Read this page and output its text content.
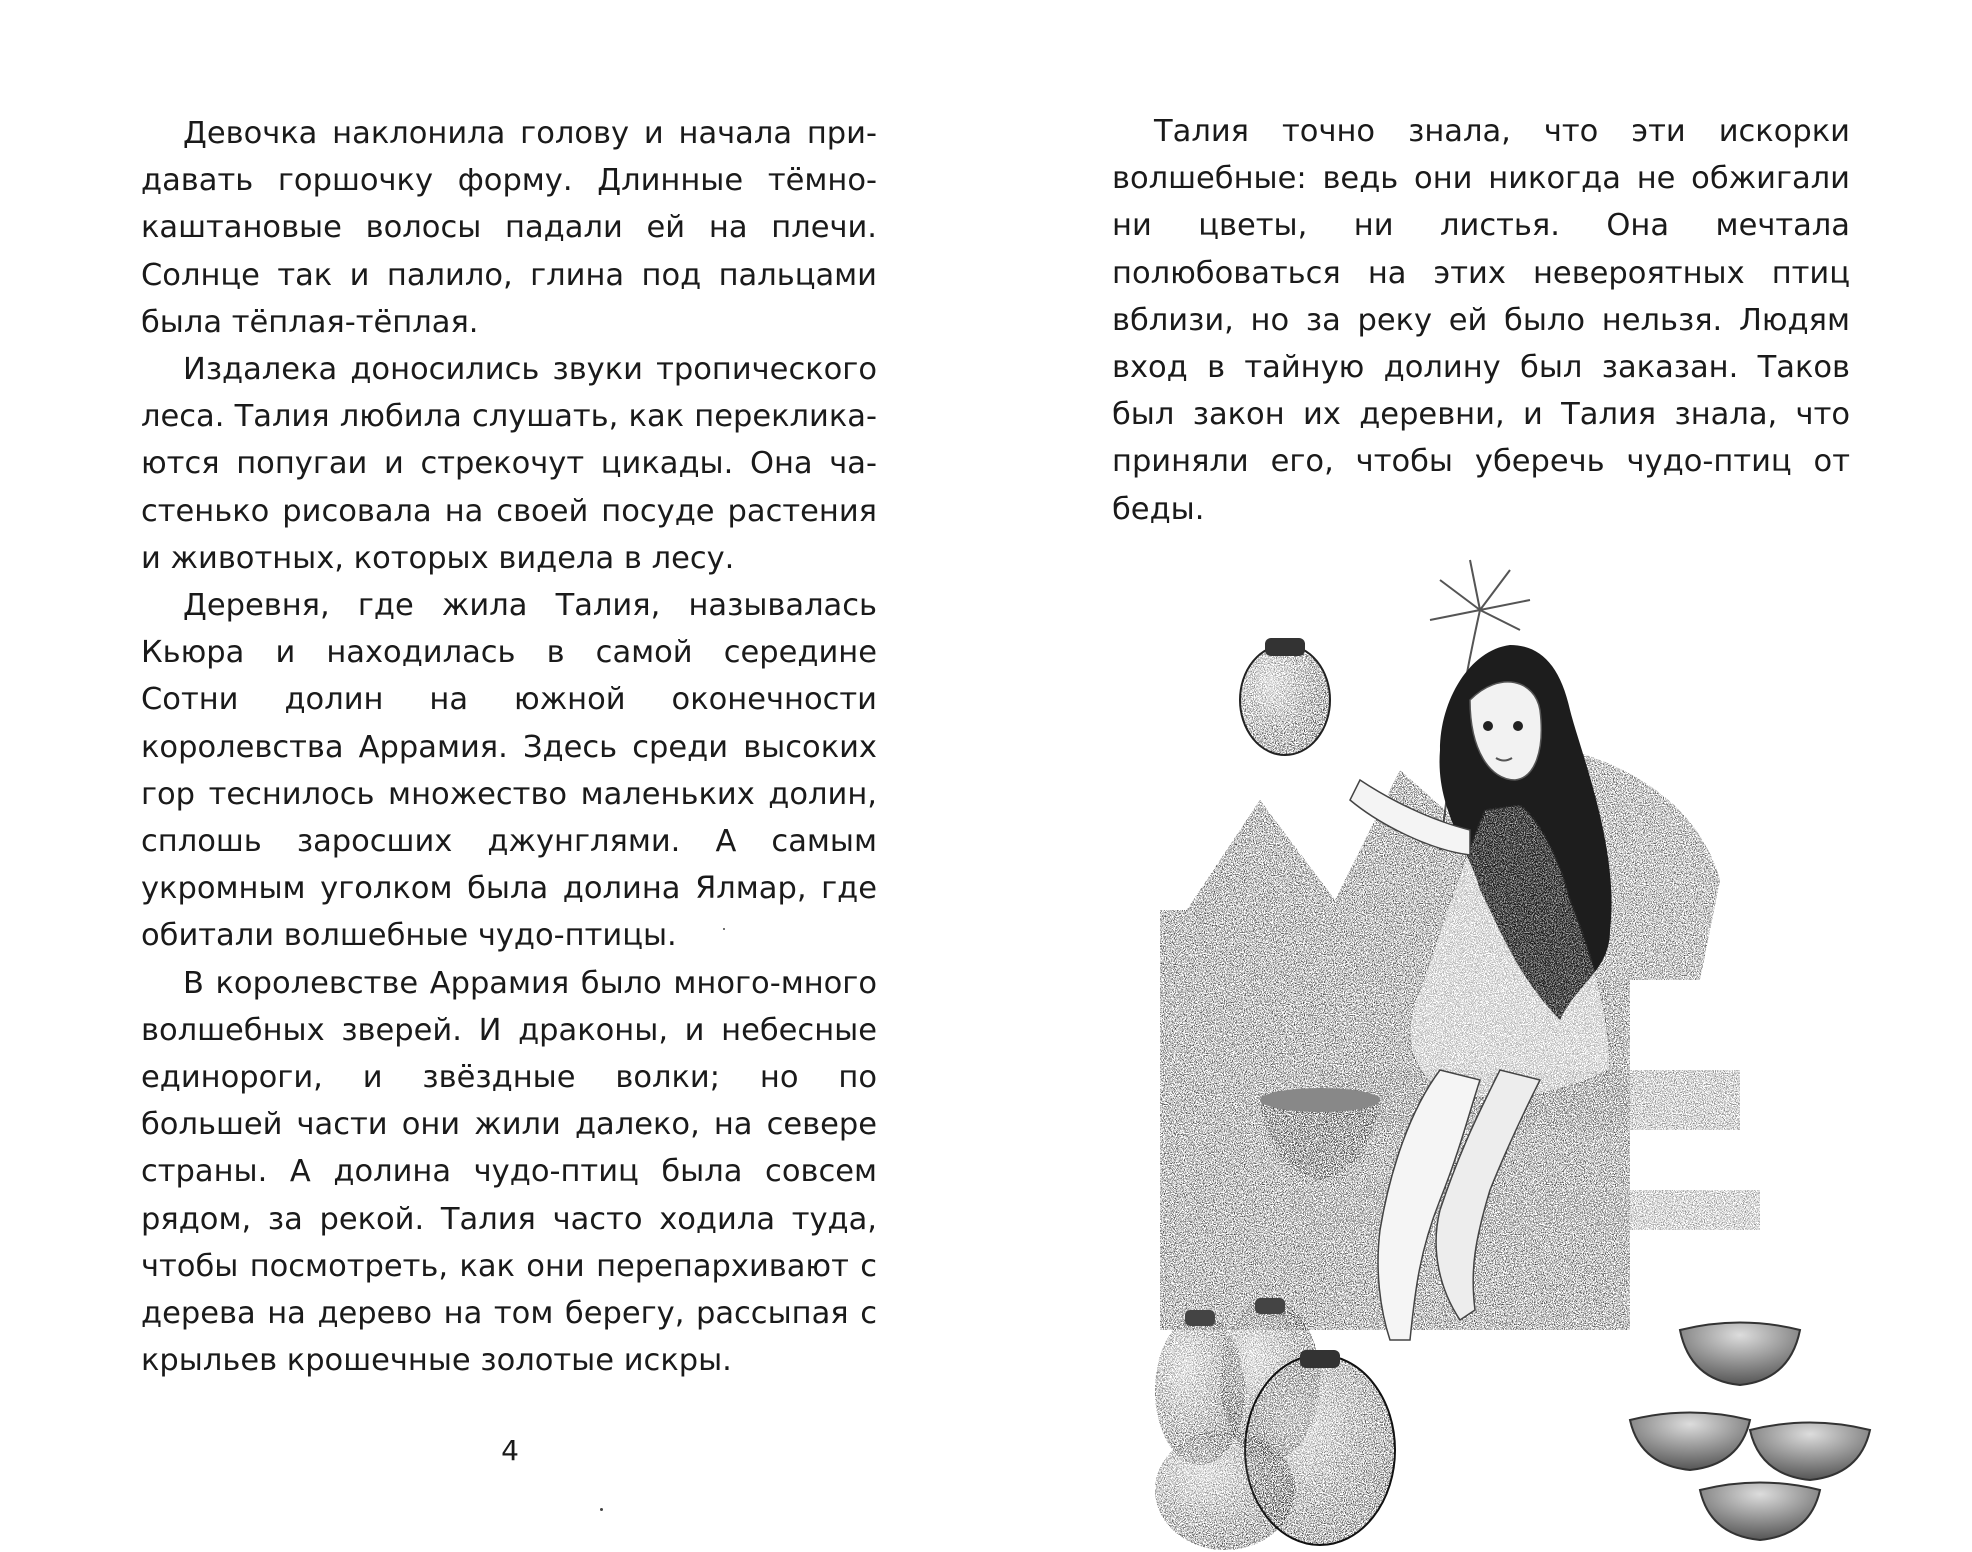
Девочка наклонила голову и начала придавать горшочку форму. Длинные тёмно-каштановые волосы падали ей на плечи. Солнце так и палило, глина под пальцами была тёплая-тёплая.

Издалека доносились звуки тропического леса. Талия любила слушать, как перекликаются попугаи и стрекочут цикады. Она частенько рисовала на своей посуде растения и животных, которых видела в лесу.

Деревня, где жила Талия, называлась Кьюра и находилась в самой середине Сотни долин на южной оконечности королевства Аррамия. Здесь среди высоких гор теснилось множество маленьких долин, сплошь заросших джунглями. А самым укромным уголком была долина Ялмар, где обитали волшебные чудо-птицы.

В королевстве Аррамия было много-много волшебных зверей. И драконы, и небесные единороги, и звёздные волки; но по большей части они жили далеко, на севере страны. А долина чудо-птиц была совсем рядом, за рекой. Талия часто ходила туда, чтобы посмотреть, как они перепархивают с дерева на дерево на том берегу, рассыпая с крыльев крошечные золотые искры.

4

Талия точно знала, что эти искорки волшебные: ведь они никогда не обжигали ни цветы, ни листья. Она мечтала полюбоваться на этих невероятных птиц вблизи, но за реку ей было нельзя. Людям вход в тайную долину был заказан. Таков был закон их деревни, и Талия знала, что приняли его, чтобы уберечь чудо-птиц от беды.
